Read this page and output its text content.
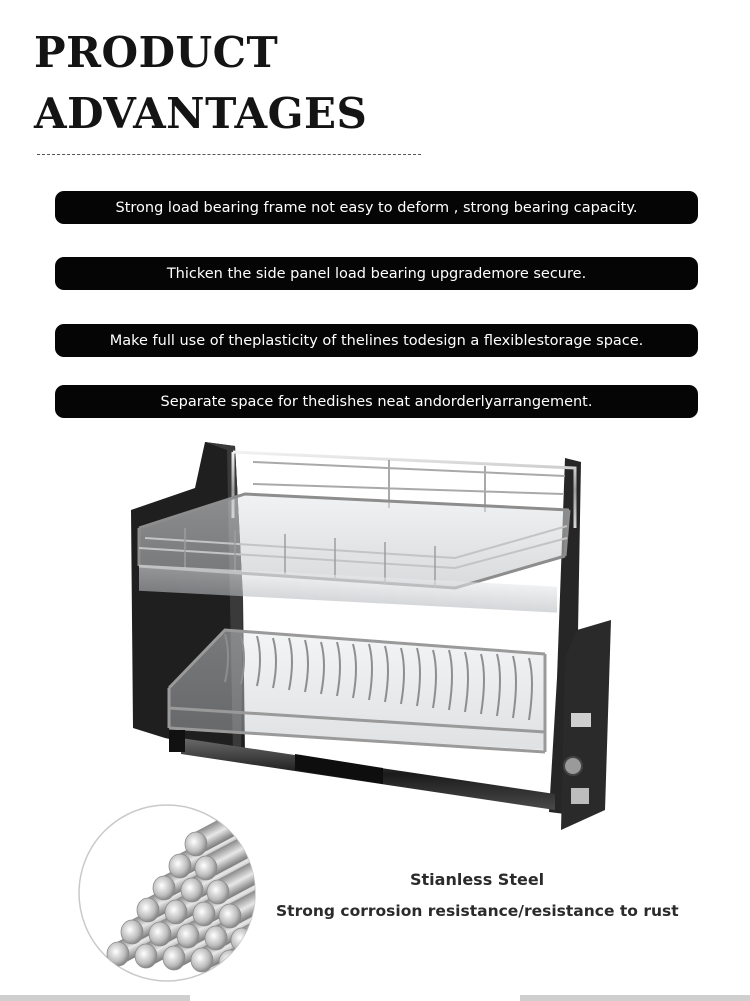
PRODUCT
ADVANTAGES
Strong load bearing frame not easy to deform , strong bearing capacity.
Thicken the side panel load bearing upgrademore secure.
Make full use of theplasticity of thelines todesign a flexiblestorage space.
Separate space for thedishes neat andorderlyarrangement.
Stianless Steel
Strong corrosion resistance/resistance to rust
